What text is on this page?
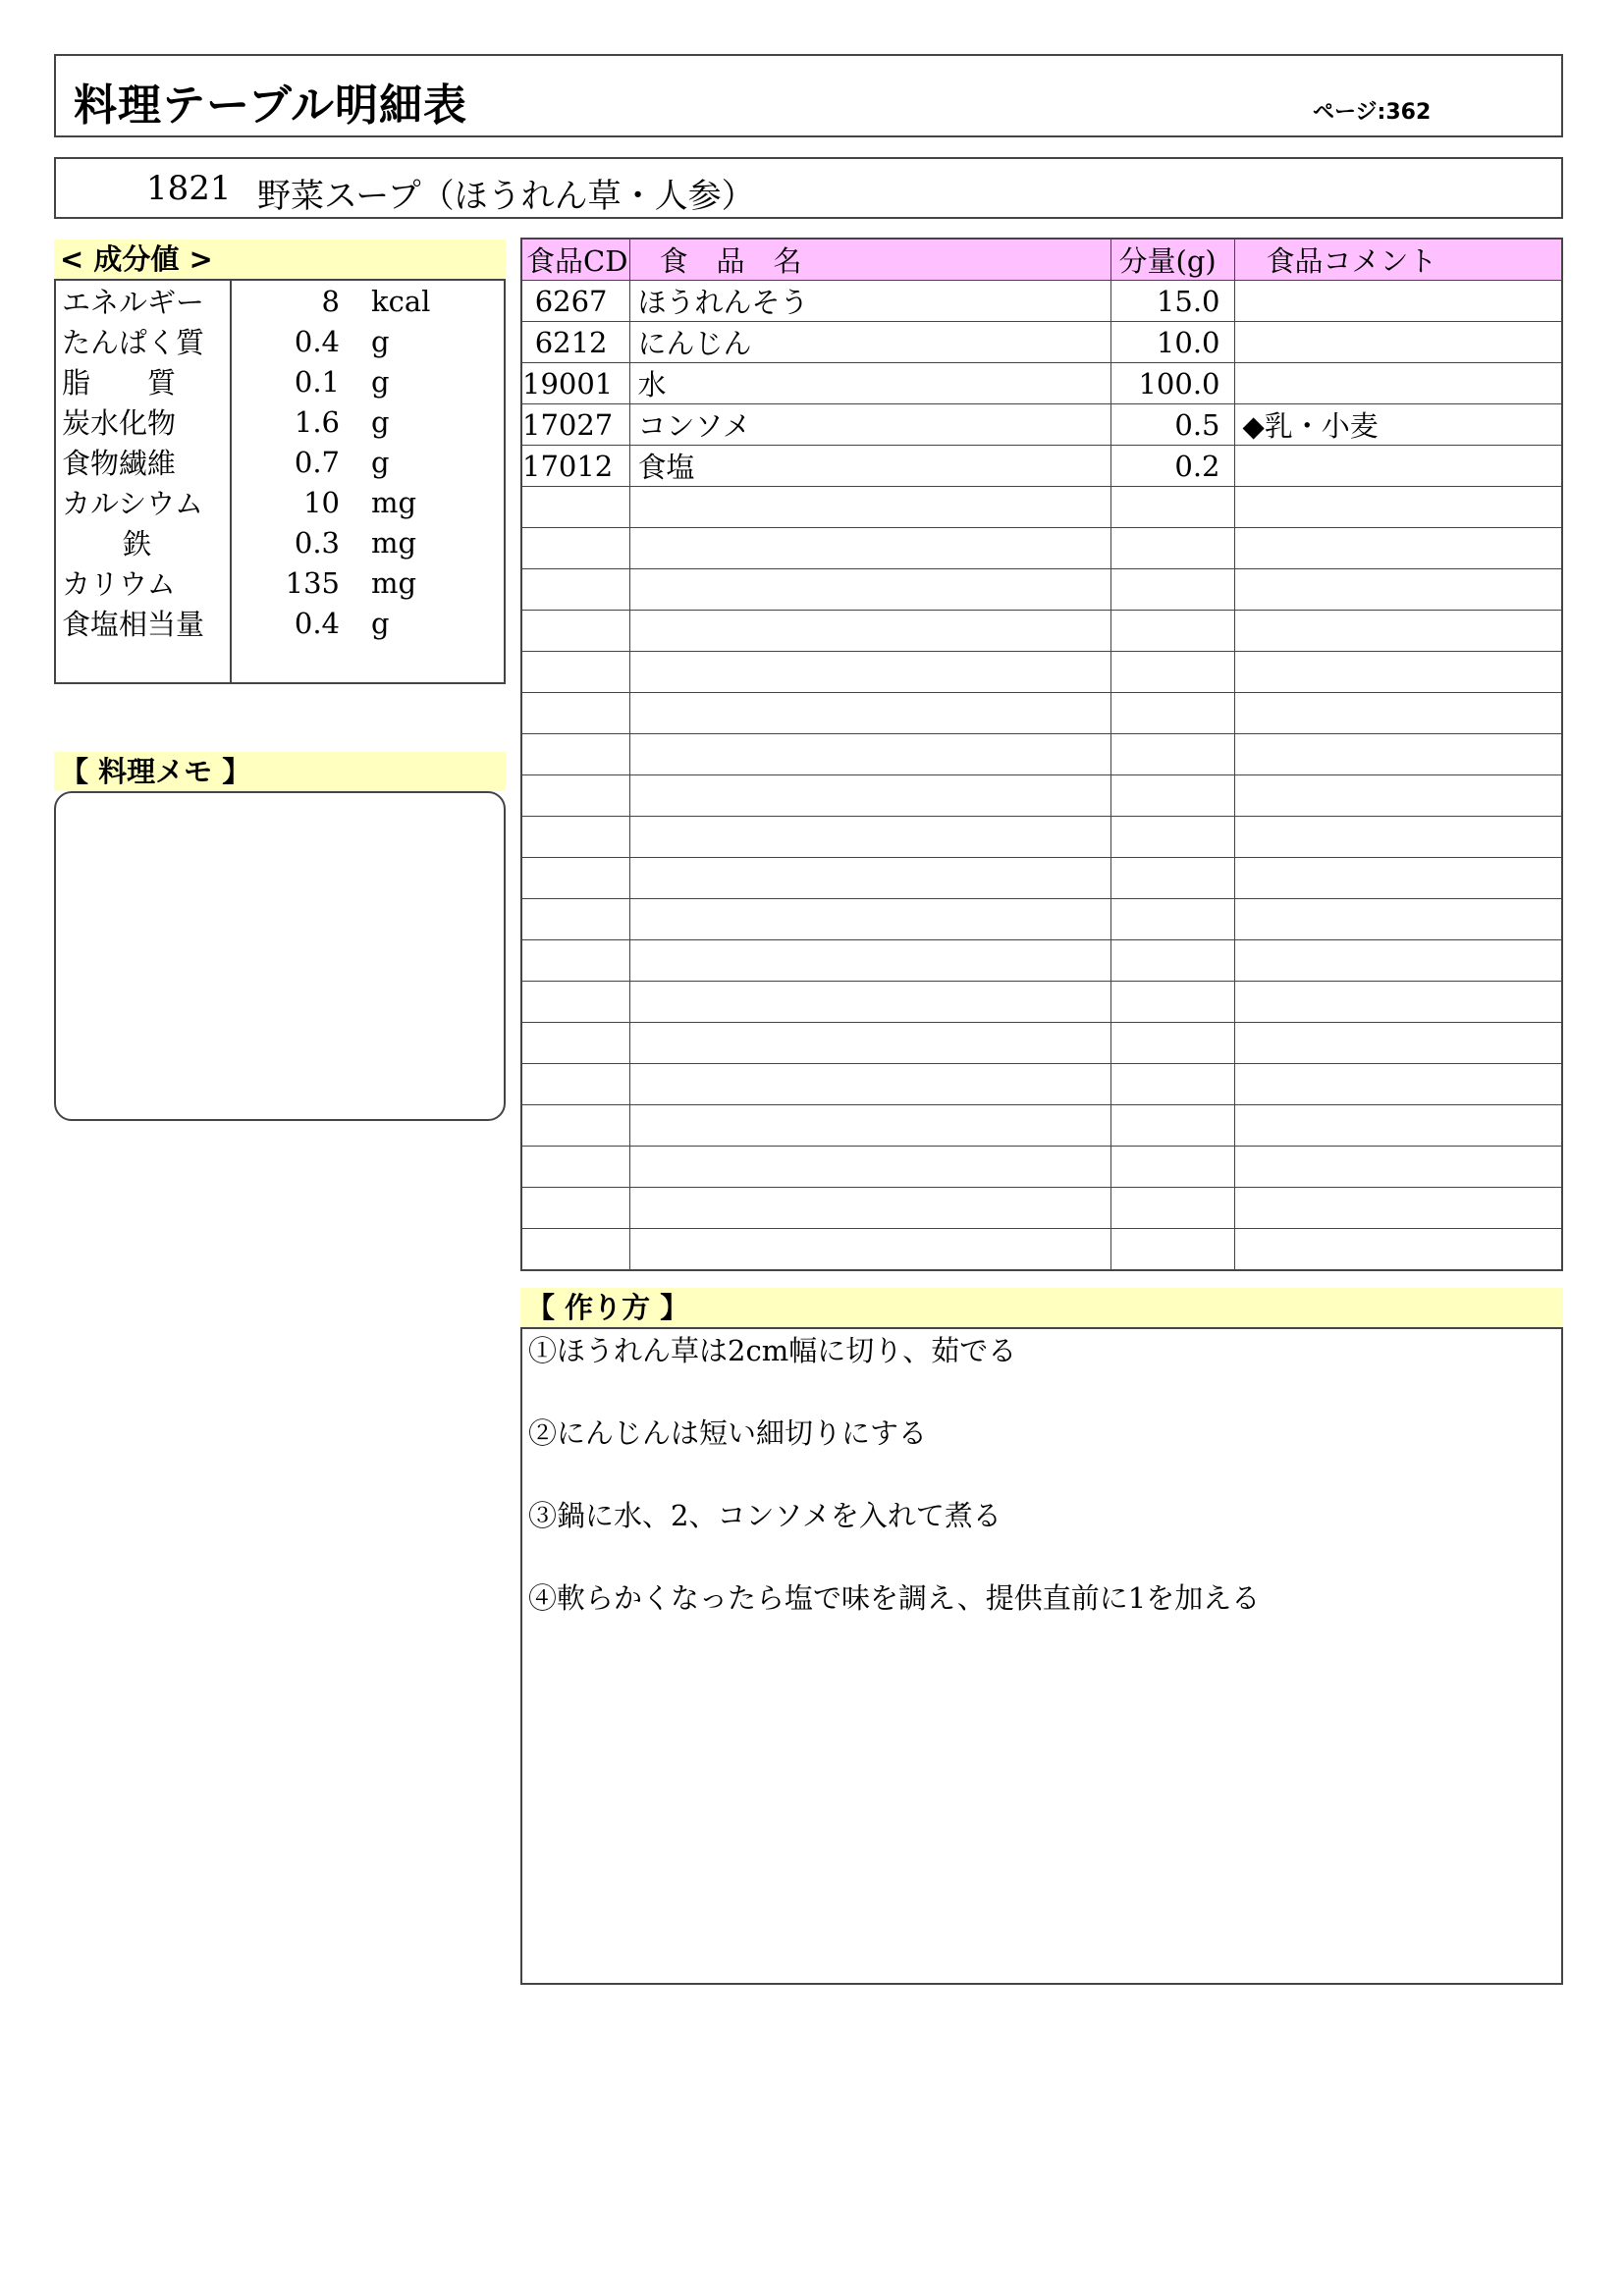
料理テーブル明細表	ページ:362
1821 野菜スープ（ほうれん草・人参）
< 成分値 >
エネルギー	8	kcal
たんぱく質	0.4	g
脂　　質	0.1	g
炭水化物	1.6	g
食物繊維	0.7	g
カルシウム	10	mg
鉄	0.3	mg
カリウム	135	mg
食塩相当量	0.4	g

【 料理メモ 】
食品CD	食　品　名	分量(g)	食品コメント
6267	ほうれんそう	15.0	
6212	にんじん	10.0	
19001	水	100.0	
17027	コンソメ	0.5	◆乳・小麦
17012	食塩	0.2	

【 作り方 】
①ほうれん草は2cm幅に切り、茹でる
②にんじんは短い細切りにする
③鍋に水、2、コンソメを入れて煮る
④軟らかくなったら塩で味を調え、提供直前に1を加える
